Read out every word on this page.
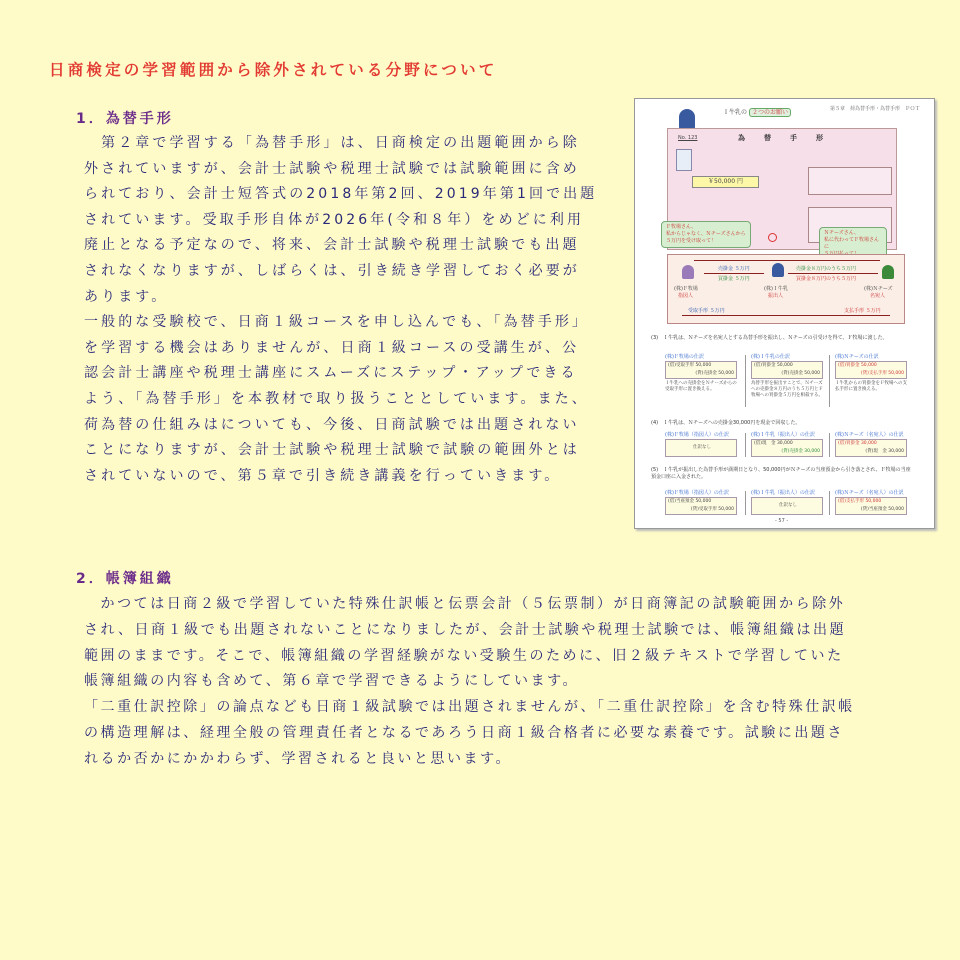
日商検定の学習範囲から除外されている分野について
1．為替手形

　第２章で学習する「為替手形」は、日商検定の出題範囲から除

外されていますが、会計士試験や税理士試験では試験範囲に含め

られており、会計士短答式の2018年第2回、2019年第1回で出題

されています。受取手形自体が2026年(令和８年）をめどに利用

廃止となる予定なので、将来、会計士試験や税理士試験でも出題

されなくなりますが、しばらくは、引き続き学習しておく必要が

あります。

一般的な受験校で、日商１級コースを申し込んでも、「為替手形」

を学習する機会はありませんが、日商１級コースの受講生が、公

認会計士講座や税理士講座にスムーズにステップ・アップできる

よう、「為替手形」を本教材で取り扱うこととしています。また、

荷為替の仕組みはについても、今後、日商試験では出題されない

ことになりますが、会計士試験や税理士試験で試験の範囲外とは

されていないので、第５章で引き続き講義を行っていきます。

第５章　荷為替手形・為替手形　ＰＯＴ
Ｉ牛乳の ２つのお願い
No. 123	為　替　手　形
￥50,000 円
Ｆ牧場さん、
私からじゃなく、Ｎチーズさんから
５万円を受け取って！
Ｎチーズさん、
私に代わってＦ牧場さんに
売掛金 ５万円
買掛金 ５万円
売掛金８万円のうち５万円
買掛金８万円のうち５万円
(株)Ｆ牧場
指図人
(株)Ｉ牛乳
振出人
(株)Ｎチーズ
名宛人
受取手形 ５万円	支払手形 ５万円
(3)　Ｉ牛乳は、Ｎチーズを名宛人とする為替手形を振出し、Ｎチーズの引受けを得て、Ｆ牧場に渡した。
(株)Ｆ牧場の仕訳
(借)受取手形 50,000
(貸)売掛金 50,000
Ｉ牛乳への売掛金をＮチーズからの受取手形に置き換える。
(株)Ｉ牛乳の仕訳
(借)買掛金 50,000
(貸)売掛金 50,000
為替手形を振出すことで、Ｎチーズへの売掛金８万円のうち５万円とＦ牧場への買掛金５万円を相殺する。
(株)Ｎチーズの仕訳
(借)買掛金 50,000
(貸)支払手形 50,000
Ｉ牛乳からの買掛金をＦ牧場への支払手形に置き換える。
(4)　Ｉ牛乳は、Ｎチーズへの売掛金30,000円を現金で回収した。
(株)Ｆ牧場（指図人）の仕訳
仕訳なし
(株)Ｉ牛乳（振出人）の仕訳
(借)現　金 30,000
(貸)売掛金 30,000
(株)Ｎチーズ（名宛人）の仕訳
(借)買掛金 30,000
(貸)現　金 30,000
(5)　Ｉ牛乳が振出した為替手形が満期日となり、50,000円がＮチーズの当座預金から引き落とされ、Ｆ牧場の当座預金口座に入金された。
(株)Ｆ牧場（指図人）の仕訳
(借)当座預金 50,000
(貸)受取手形 50,000
(株)Ｉ牛乳（振出人）の仕訳
仕訳なし
(株)Ｎチーズ（名宛人）の仕訳
(借)支払手形 50,000
(貸)当座預金 50,000
- 57 -
2．帳簿組織

　かつては日商２級で学習していた特殊仕訳帳と伝票会計（５伝票制）が日商簿記の試験範囲から除外

され、日商１級でも出題されないことになりましたが、会計士試験や税理士試験では、帳簿組織は出題

範囲のままです。そこで、帳簿組織の学習経験がない受験生のために、旧２級テキストで学習していた

帳簿組織の内容も含めて、第６章で学習できるようにしています。

「二重仕訳控除」の論点なども日商１級試験では出題されませんが、「二重仕訳控除」を含む特殊仕訳帳

の構造理解は、経理全般の管理責任者となるであろう日商１級合格者に必要な素養です。試験に出題さ

れるか否かにかかわらず、学習されると良いと思います。
